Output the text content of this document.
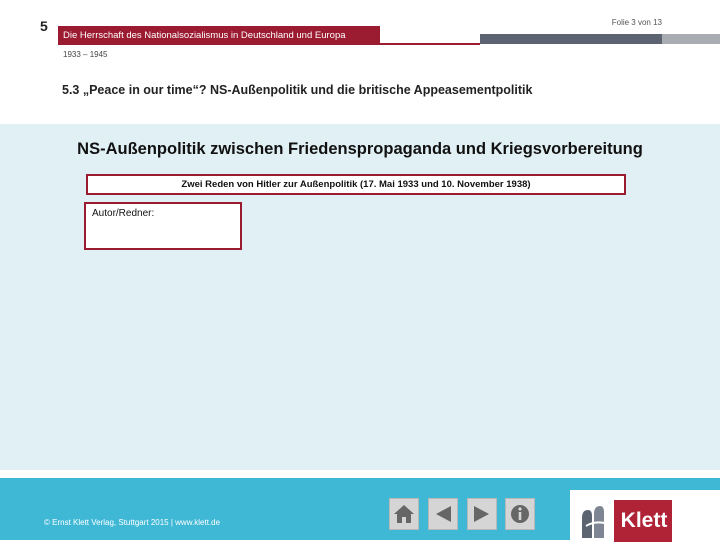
5	Folie 3 von 13
Die Herrschaft des Nationalsozialismus in Deutschland und Europa
1933 – 1945
5.3 „Peace in our time“? NS-Außenpolitik und die britische Appeasementpolitik
NS-Außenpolitik zwischen Friedenspropaganda und Kriegsvorbereitung
Zwei Reden von Hitler zur Außenpolitik (17. Mai 1933 und 10. November 1938)
Autor/Redner:
© Ernst Klett Verlag, Stuttgart 2015 | www.klett.de	Klett
